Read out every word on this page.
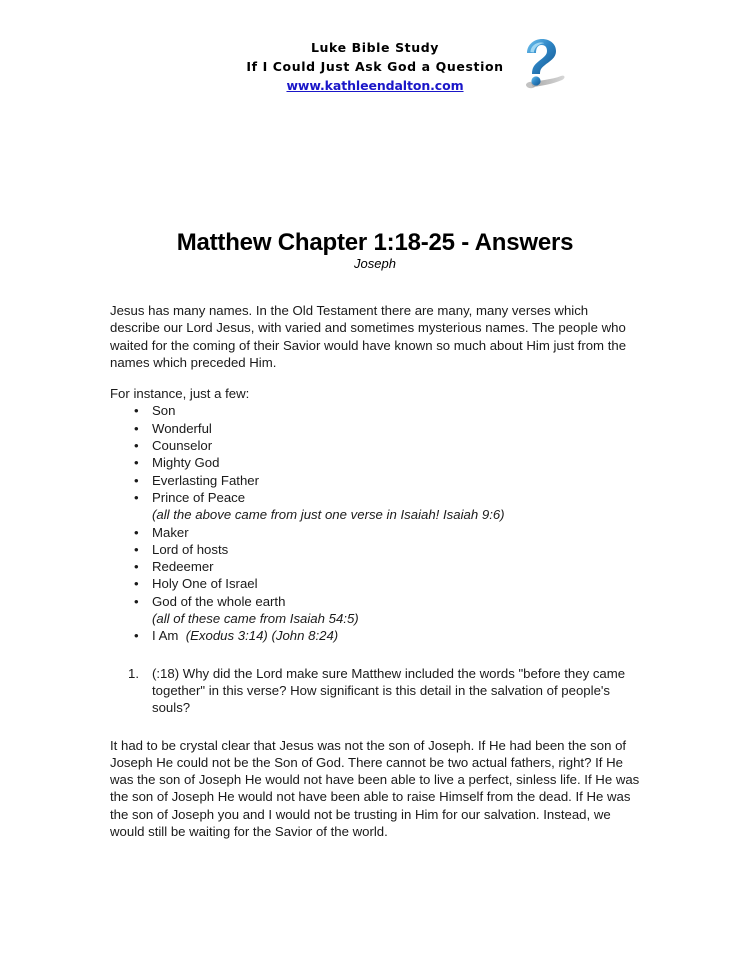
Luke Bible Study
If I Could Just Ask God a Question
www.kathleendalton.com
Matthew Chapter 1:18-25 - Answers
Joseph

Jesus has many names. In the Old Testament there are many, many verses which describe our Lord Jesus, with varied and sometimes mysterious names. The people who waited for the coming of their Savior would have known so much about Him just from the names which preceded Him.

For instance, just a few:

• Son
• Wonderful
• Counselor
• Mighty God
• Everlasting Father
• Prince of Peace
(all the above came from just one verse in Isaiah! Isaiah 9:6)
• Maker
• Lord of hosts
• Redeemer
• Holy One of Israel
• God of the whole earth
(all of these came from Isaiah 54:5)
• I Am (Exodus 3:14) (John 8:24)
1. (:18) Why did the Lord make sure Matthew included the words "before they came together" in this verse? How significant is this detail in the salvation of people's souls?

It had to be crystal clear that Jesus was not the son of Joseph. If He had been the son of Joseph He could not be the Son of God. There cannot be two actual fathers, right? If He was the son of Joseph He would not have been able to live a perfect, sinless life. If He was the son of Joseph He would not have been able to raise Himself from the dead. If He was the son of Joseph you and I would not be trusting in Him for our salvation. Instead, we would still be waiting for the Savior of the world.
